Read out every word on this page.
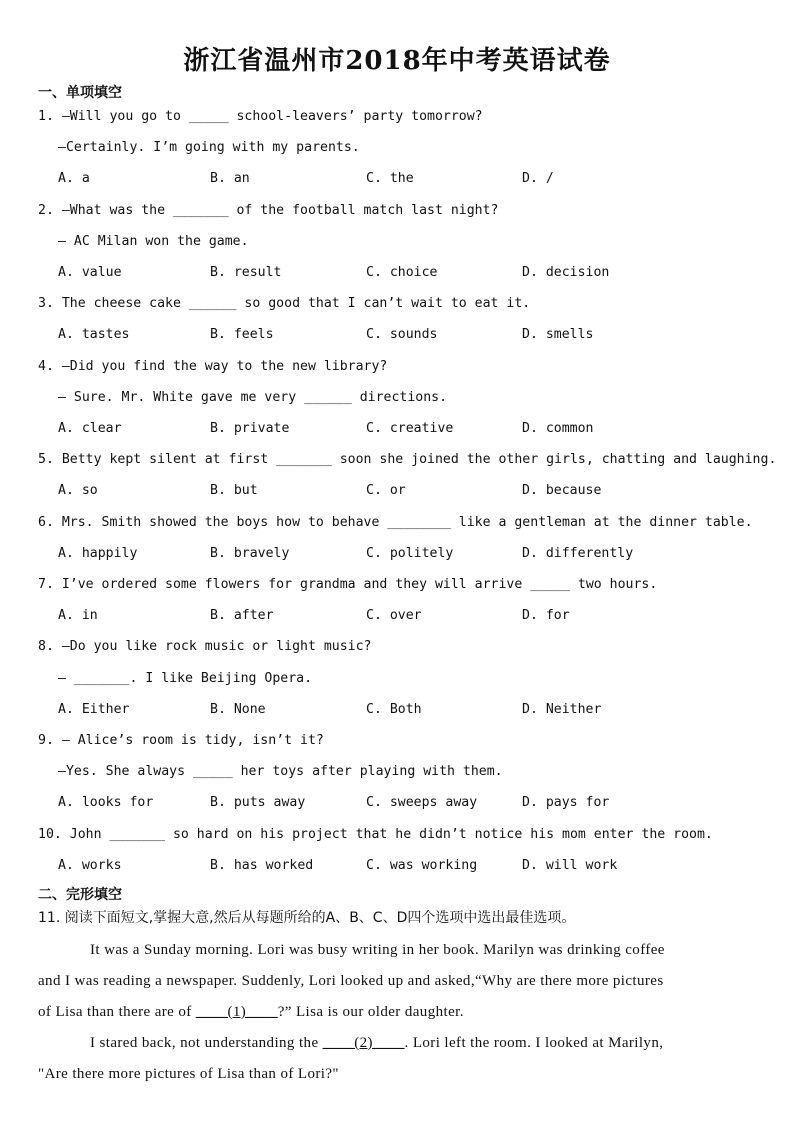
浙江省温州市2018年中考英语试卷
一、单项填空
1. —Will you go to _____ school-leavers’ party tomorrow?
—Certainly. I’m going with my parents.
A. a	B. an	C. the	D. /
2. —What was the _______ of the football match last night?
— AC Milan won the game.
A. value	B. result	C. choice	D. decision
3. The cheese cake ______ so good that I can’t wait to eat it.
A. tastes	B. feels	C. sounds	D. smells
4. —Did you find the way to the new library?
— Sure. Mr. White gave me very ______ directions.
A. clear	B. private	C. creative	D. common
5. Betty kept silent at first _______ soon she joined the other girls, chatting and laughing.
A. so	B. but	C. or	D. because
6. Mrs. Smith showed the boys how to behave ________ like a gentleman at the dinner table.
A. happily	B. bravely	C. politely	D. differently
7. I’ve ordered some flowers for grandma and they will arrive _____ two hours.
A. in	B. after	C. over	D. for
8. —Do you like rock music or light music?
— _______. I like Beijing Opera.
A. Either	B. None	C. Both	D. Neither
9. — Alice’s room is tidy, isn’t it?
—Yes. She always _____ her toys after playing with them.
A. looks for	B. puts away	C. sweeps away	D. pays for
10. John _______ so hard on his project that he didn’t notice his mom enter the room.
A. works	B. has worked	C. was working	D. will work
二、完形填空
11. 阅读下面短文,掌握大意,然后从每题所给的A、B、C、D四个选项中选出最佳选项。
It was a Sunday morning. Lori was busy writing in her book. Marilyn was drinking coffee
and I was reading a newspaper. Suddenly, Lori looked up and asked,“Why are there more pictures
of Lisa than there are of ____(1)____?” Lisa is our older daughter.
I stared back, not understanding the ____(2)____. Lori left the room. I looked at Marilyn,
"Are there more pictures of Lisa than of Lori?"
